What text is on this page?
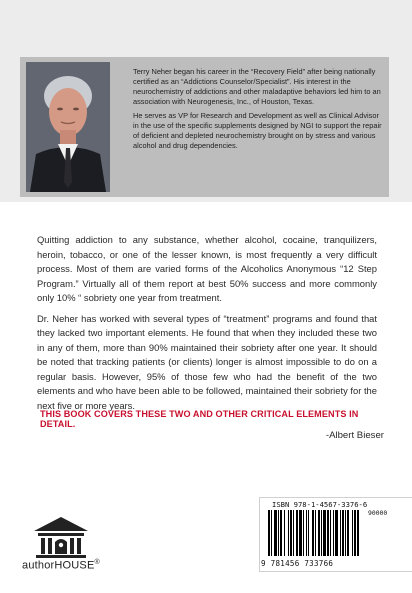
Terry Neher began his career in the “Recovery Field” after being nationally certified as an “Addictions Counselor/Specialist”. His interest in the neurochemistry of addictions and other maladaptive behaviors led him to an association with Neurogenesis, Inc., of Houston, Texas.

He serves as VP for Research and Development as well as Clinical Advisor in the use of the specific supplements designed by NGI to support the repair of deficient and depleted neurochemistry brought on by stress and various alcohol and drug dependencies.

Quitting addiction to any substance, whether alcohol, cocaine, tranquilizers, heroin, tobacco, or one of the lesser known, is most frequently a very difficult process. Most of them are varied forms of the Alcoholics Anonymous “12 Step Program.” Virtually all of them report at best 50% success and more commonly only 10% “ sobriety one year from treatment.

Dr. Neher has worked with several types of “treatment” programs and found that they lacked two important elements. He found that when they included these two in any of them, more than 90% maintained their sobriety after one year. It should be noted that tracking patients (or clients) longer is almost impossible to do on a regular basis. However, 95% of those few who had the benefit of the two elements and who have been able to be followed, maintained their sobriety for the next five or more years.

THIS BOOK COVERS THESE TWO AND OTHER CRITICAL ELEMENTS IN DETAIL.
-Albert Bieser
authorHOUSE®
ISBN 978-1-4567-3376-6
90000
9 781456 733766
